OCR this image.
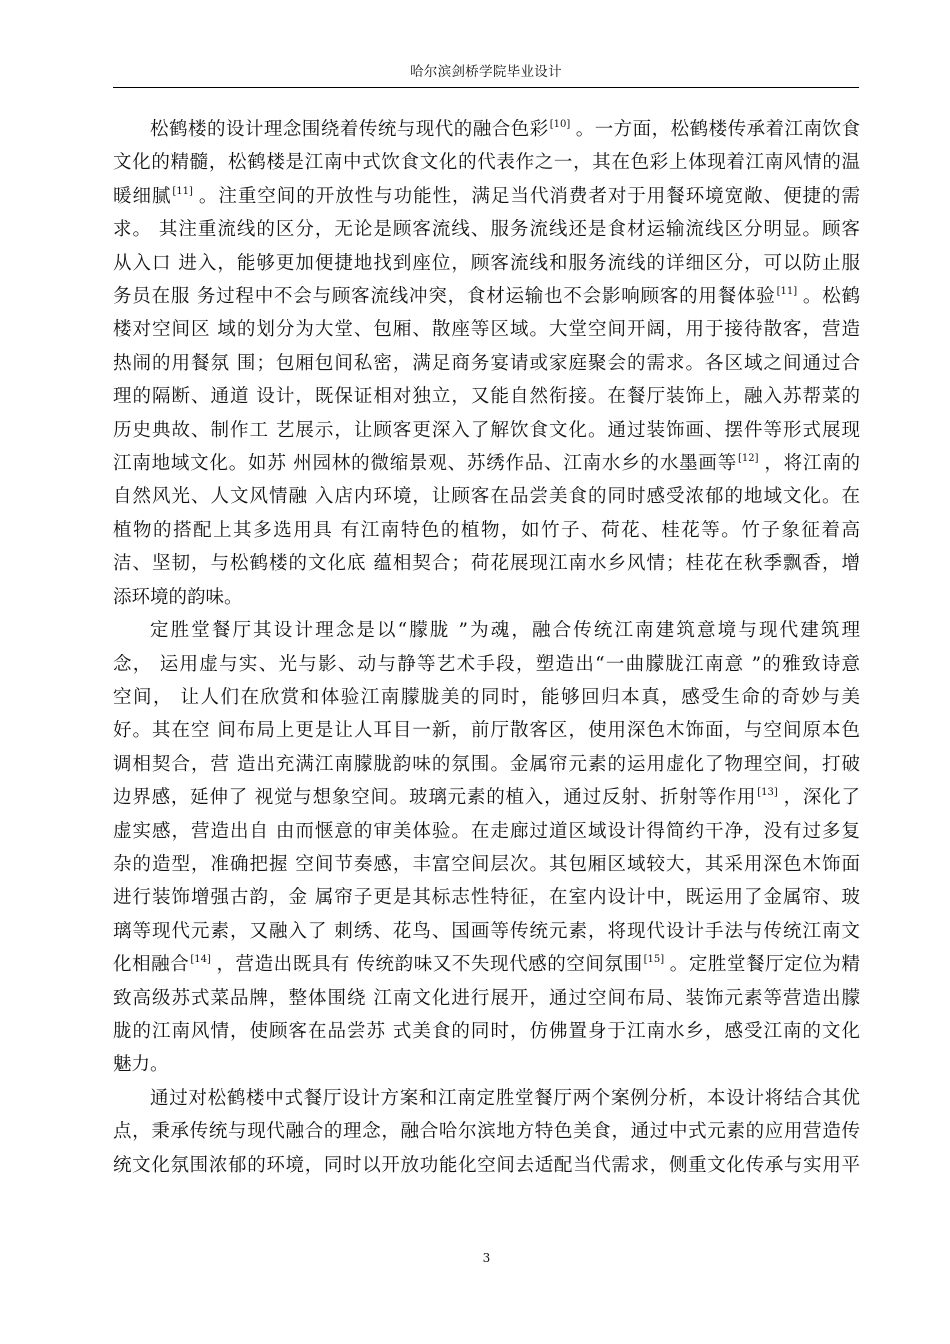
哈尔滨剑桥学院毕业设计
松鹤楼的设计理念围绕着传统与现代的融合色彩[10] 。一方面，松鹤楼传承着江南饮食
文化的精髓，松鹤楼是江南中式饮食文化的代表作之一，其在色彩上体现着江南风情的温
暖细腻[11] 。注重空间的开放性与功能性，满足当代消费者对于用餐环境宽敞、便捷的需
求。 其注重流线的区分，无论是顾客流线、服务流线还是食材运输流线区分明显。顾客
从入口 进入，能够更加便捷地找到座位，顾客流线和服务流线的详细区分，可以防止服
务员在服 务过程中不会与顾客流线冲突，食材运输也不会影响顾客的用餐体验[11] 。松鹤
楼对空间区 域的划分为大堂、包厢、散座等区域。大堂空间开阔，用于接待散客，营造
热闹的用餐氛 围；包厢包间私密，满足商务宴请或家庭聚会的需求。各区域之间通过合
理的隔断、通道 设计，既保证相对独立，又能自然衔接。在餐厅装饰上，融入苏帮菜的
历史典故、制作工 艺展示，让顾客更深入了解饮食文化。通过装饰画、摆件等形式展现
江南地域文化。如苏 州园林的微缩景观、苏绣作品、江南水乡的水墨画等[12] ，将江南的
自然风光、人文风情融 入店内环境，让顾客在品尝美食的同时感受浓郁的地域文化。在
植物的搭配上其多选用具 有江南特色的植物，如竹子、荷花、桂花等。竹子象征着高
洁、坚韧，与松鹤楼的文化底 蕴相契合；荷花展现江南水乡风情；桂花在秋季飘香，增
添环境的韵味。
定胜堂餐厅其设计理念是以“朦胧 ”为魂，融合传统江南建筑意境与现代建筑理
念， 运用虚与实、光与影、动与静等艺术手段，塑造出“一曲朦胧江南意 ”的雅致诗意
空间， 让人们在欣赏和体验江南朦胧美的同时，能够回归本真，感受生命的奇妙与美
好。其在空 间布局上更是让人耳目一新，前厅散客区，使用深色木饰面，与空间原本色
调相契合，营 造出充满江南朦胧韵味的氛围。金属帘元素的运用虚化了物理空间，打破
边界感，延伸了 视觉与想象空间。玻璃元素的植入，通过反射、折射等作用[13] ，深化了
虚实感，营造出自 由而惬意的审美体验。在走廊过道区域设计得简约干净，没有过多复
杂的造型，准确把握 空间节奏感，丰富空间层次。其包厢区域较大，其采用深色木饰面
进行装饰增强古韵，金 属帘子更是其标志性特征，在室内设计中，既运用了金属帘、玻
璃等现代元素，又融入了 刺绣、花鸟、国画等传统元素，将现代设计手法与传统江南文
化相融合[14] ，营造出既具有 传统韵味又不失现代感的空间氛围[15] 。定胜堂餐厅定位为精
致高级苏式菜品牌，整体围绕 江南文化进行展开，通过空间布局、装饰元素等营造出朦
胧的江南风情，使顾客在品尝苏 式美食的同时，仿佛置身于江南水乡，感受江南的文化
魅力。
通过对松鹤楼中式餐厅设计方案和江南定胜堂餐厅两个案例分析，本设计将结合其优
点，秉承传统与现代融合的理念，融合哈尔滨地方特色美食，通过中式元素的应用营造传
统文化氛围浓郁的环境，同时以开放功能化空间去适配当代需求，侧重文化传承与实用平
3
